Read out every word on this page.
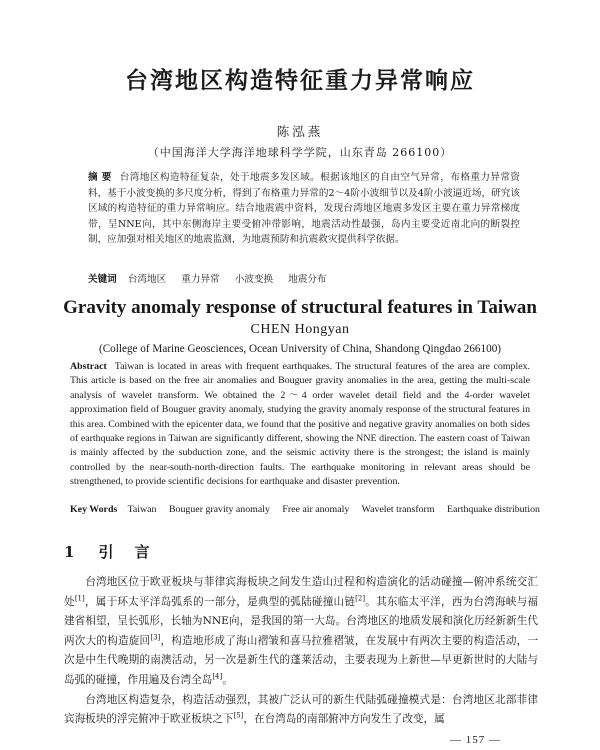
台湾地区构造特征重力异常响应
陈泓燕
（中国海洋大学海洋地球科学学院，山东青岛 266100）
摘 要 台湾地区构造特征复杂，处于地震多发区域。根据该地区的自由空气异常，布格重力异常资料，基于小波变换的多尺度分析，得到了布格重力异常的2～4阶小波细节以及4阶小波逼近场，研究该区域的构造特征的重力异常响应。结合地震震中资料，发现台湾地区地震多发区主要在重力异常梯度带，呈NNE向，其中东侧海岸主要受俯冲带影响，地震活动性最强，岛内主要受近南北向的断裂控制，应加强对相关地区的地震监测，为地震预防和抗震救灾提供科学依据。
关键词 台湾地区 重力异常 小波变换 地震分布
Gravity anomaly response of structural features in Taiwan
CHEN Hongyan
(College of Marine Geosciences, Ocean University of China, Shandong Qingdao 266100)
Abstract Taiwan is located in areas with frequent earthquakes. The structural features of the area are complex. This article is based on the free air anomalies and Bouguer gravity anomalies in the area, getting the multi-scale analysis of wavelet transform. We obtained the 2～4 order wavelet detail field and the 4-order wavelet approximation field of Bouguer gravity anomaly, studying the gravity anomaly response of the structural features in this area. Combined with the epicenter data, we found that the positive and negative gravity anomalies on both sides of earthquake regions in Taiwan are significantly different, showing the NNE direction. The eastern coast of Taiwan is mainly affected by the subduction zone, and the seismic activity there is the strongest; the island is mainly controlled by the near-south-north-direction faults. The earthquake monitoring in relevant areas should be strengthened, to provide scientific decisions for earthquake and disaster prevention.
Key Words Taiwan Bouguer gravity anomaly Free air anomaly Wavelet transform Earthquake distribution
1 引 言

台湾地区位于欧亚板块与菲律宾海板块之间发生造山过程和构造演化的活动碰撞—俯冲系统交汇处[1]，属于环太平洋岛弧系的一部分，是典型的弧陆碰撞山链[2]。其东临太平洋，西为台湾海峡与福建省相望，呈长弧形，长轴为NNE向，是我国的第一大岛。台湾地区的地质发展和演化历经新新生代两次大的构造旋回[3]，构造地形成了海山褶皱和喜马拉雅褶皱，在发展中有两次主要的构造活动，一次是中生代晚期的南澳活动，另一次是新生代的蓬莱活动，主要表现为上新世—早更新世时的大陆与岛弧的碰撞，作用遍及台湾全岛[4]。

台湾地区构造复杂，构造活动强烈，其被广泛认可的新生代陆弧碰撞模式是：台湾地区北部菲律宾海板块的浮完俯冲于欧亚板块之下[5]，在台湾岛的南部俯冲方向发生了改变，属

— 157 —
